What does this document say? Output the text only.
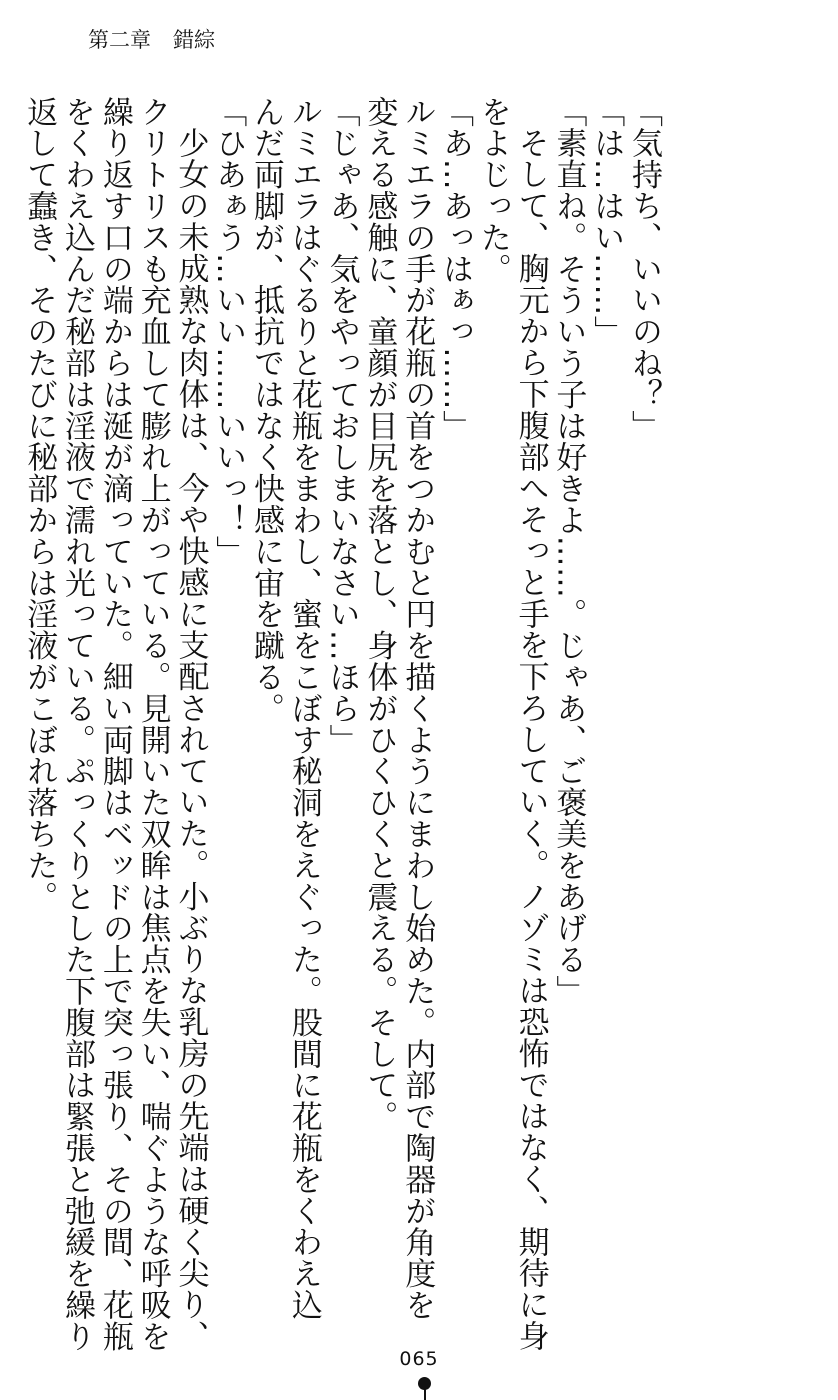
第二章 錯綜
「気持ち、いいのね？」
「は…はい……」
「素直ね。そういう子は好きよ……。じゃあ、ご褒美をあげる」
そして、胸元から下腹部へそっと手を下ろしていく。ノゾミは恐怖ではなく、期待に身
をよじった。
「あ…あっはぁっ……」
ルミエラの手が花瓶の首をつかむと円を描くようにまわし始めた。内部で陶器が角度を
変える感触に、童顔が目尻を落とし、身体がひくひくと震える。そして。
「じゃあ、気をやっておしまいなさい…ほら」
ルミエラはぐるりと花瓶をまわし、蜜をこぼす秘洞をえぐった。股間に花瓶をくわえ込
んだ両脚が、抵抗ではなく快感に宙を蹴る。
「ひあぁう…いい……いいっ！」
少女の未成熟な肉体は、今や快感に支配されていた。小ぶりな乳房の先端は硬く尖り、
クリトリスも充血して膨れ上がっている。見開いた双眸は焦点を失い、喘ぐような呼吸を
繰り返す口の端からは涎が滴っていた。細い両脚はベッドの上で突っ張り、その間、花瓶
をくわえ込んだ秘部は淫液で濡れ光っている。ぷっくりとした下腹部は緊張と弛緩を繰り
返して蠢き、そのたびに秘部からは淫液がこぼれ落ちた。
065
